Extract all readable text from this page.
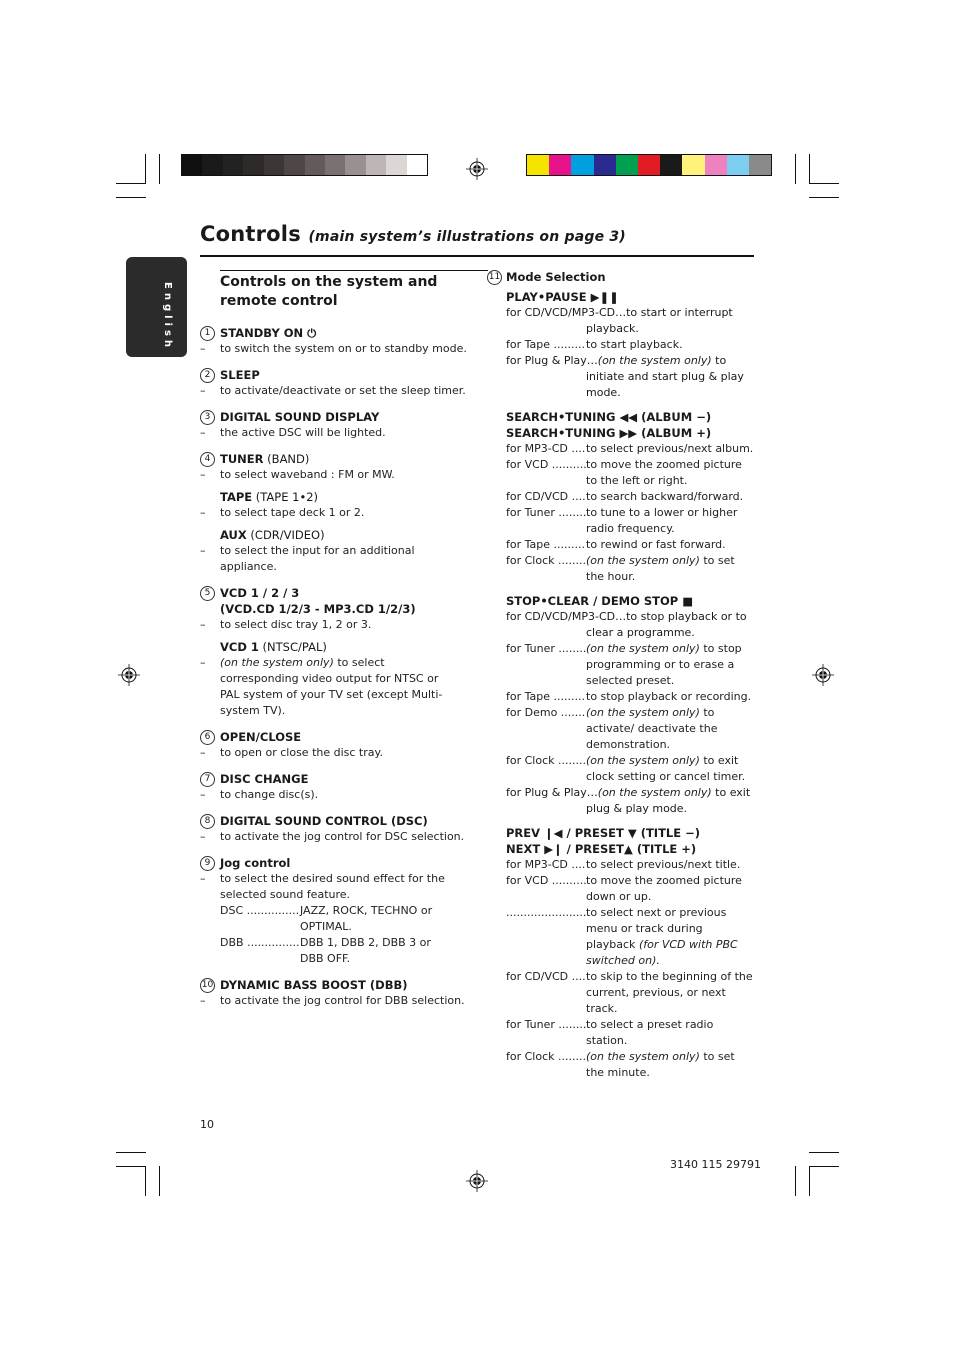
Controls (main system’s illustrations on page 3)
English	Controls on the system and remote control
1 STANDBY ON ⏻
– to switch the system on or to standby mode.
2 SLEEP
– to activate/deactivate or set the sleep timer.
3 DIGITAL SOUND DISPLAY
– the active DSC will be lighted.
4 TUNER (BAND)
– to select waveband : FM or MW.
TAPE (TAPE 1•2)
– to select tape deck 1 or 2.
AUX (CDR/VIDEO)
– to select the input for an additional appliance.
5 VCD 1 / 2 / 3
(VCD.CD 1/2/3 - MP3.CD 1/2/3)
– to select disc tray 1, 2 or 3.
VCD 1 (NTSC/PAL)
– (on the system only) to select corresponding video output for NTSC or PAL system of your TV set (except Multi-system TV).
6 OPEN/CLOSE
– to open or close the disc tray.
7 DISC CHANGE
– to change disc(s).
8 DIGITAL SOUND CONTROL (DSC)
– to activate the jog control for DSC selection.
9 Jog control
– to select the desired sound effect for the selected sound feature.
DSC .....	JAZZ, ROCK, TECHNO or OPTIMAL.
DBB .....	DBB 1, DBB 2, DBB 3 or DBB OFF.
10 DYNAMIC BASS BOOST (DBB)
– to activate the jog control for DBB selection.
11 Mode Selection
PLAY•PAUSE ▶❚❚
for CD/VCD/MP3-CD…to start or interrupt playback.
for Tape .....	to start playback.
for Plug & Play…(on the system only) to initiate and start plug & play mode.
SEARCH•TUNING ◀◀ (ALBUM −)
SEARCH•TUNING ▶▶ (ALBUM +)
for MP3-CD .....	to select previous/next album.
for VCD .....	to move the zoomed picture to the left or right.
for CD/VCD .....	to search backward/forward.
for Tuner .....	to tune to a lower or higher radio frequency.
for Tape .....	to rewind or fast forward.
for Clock .....	(on the system only) to set the hour.
STOP•CLEAR / DEMO STOP ■
for CD/VCD/MP3-CD…to stop playback or to clear a programme.
for Tuner .....	(on the system only) to stop programming or to erase a selected preset.
for Tape .....	to stop playback or recording.
for Demo .....	(on the system only) to activate/ deactivate the demonstration.
for Clock .....	(on the system only) to exit clock setting or cancel timer.
for Plug & Play…(on the system only) to exit plug & play mode.
PREV ❙◀ / PRESET ▼ (TITLE −)
NEXT ▶❙ / PRESET▲ (TITLE +)
for MP3-CD .....	to select previous/next title.
for VCD .....	to move the zoomed picture down or up.
.....
to select next or previous menu or track during playback (for VCD with PBC switched on).
for CD/VCD .....	to skip to the beginning of the current, previous, or next track.
for Tuner .....	to select a preset radio station.
for Clock .....	(on the system only) to set the minute.
10
3140 115 29791
